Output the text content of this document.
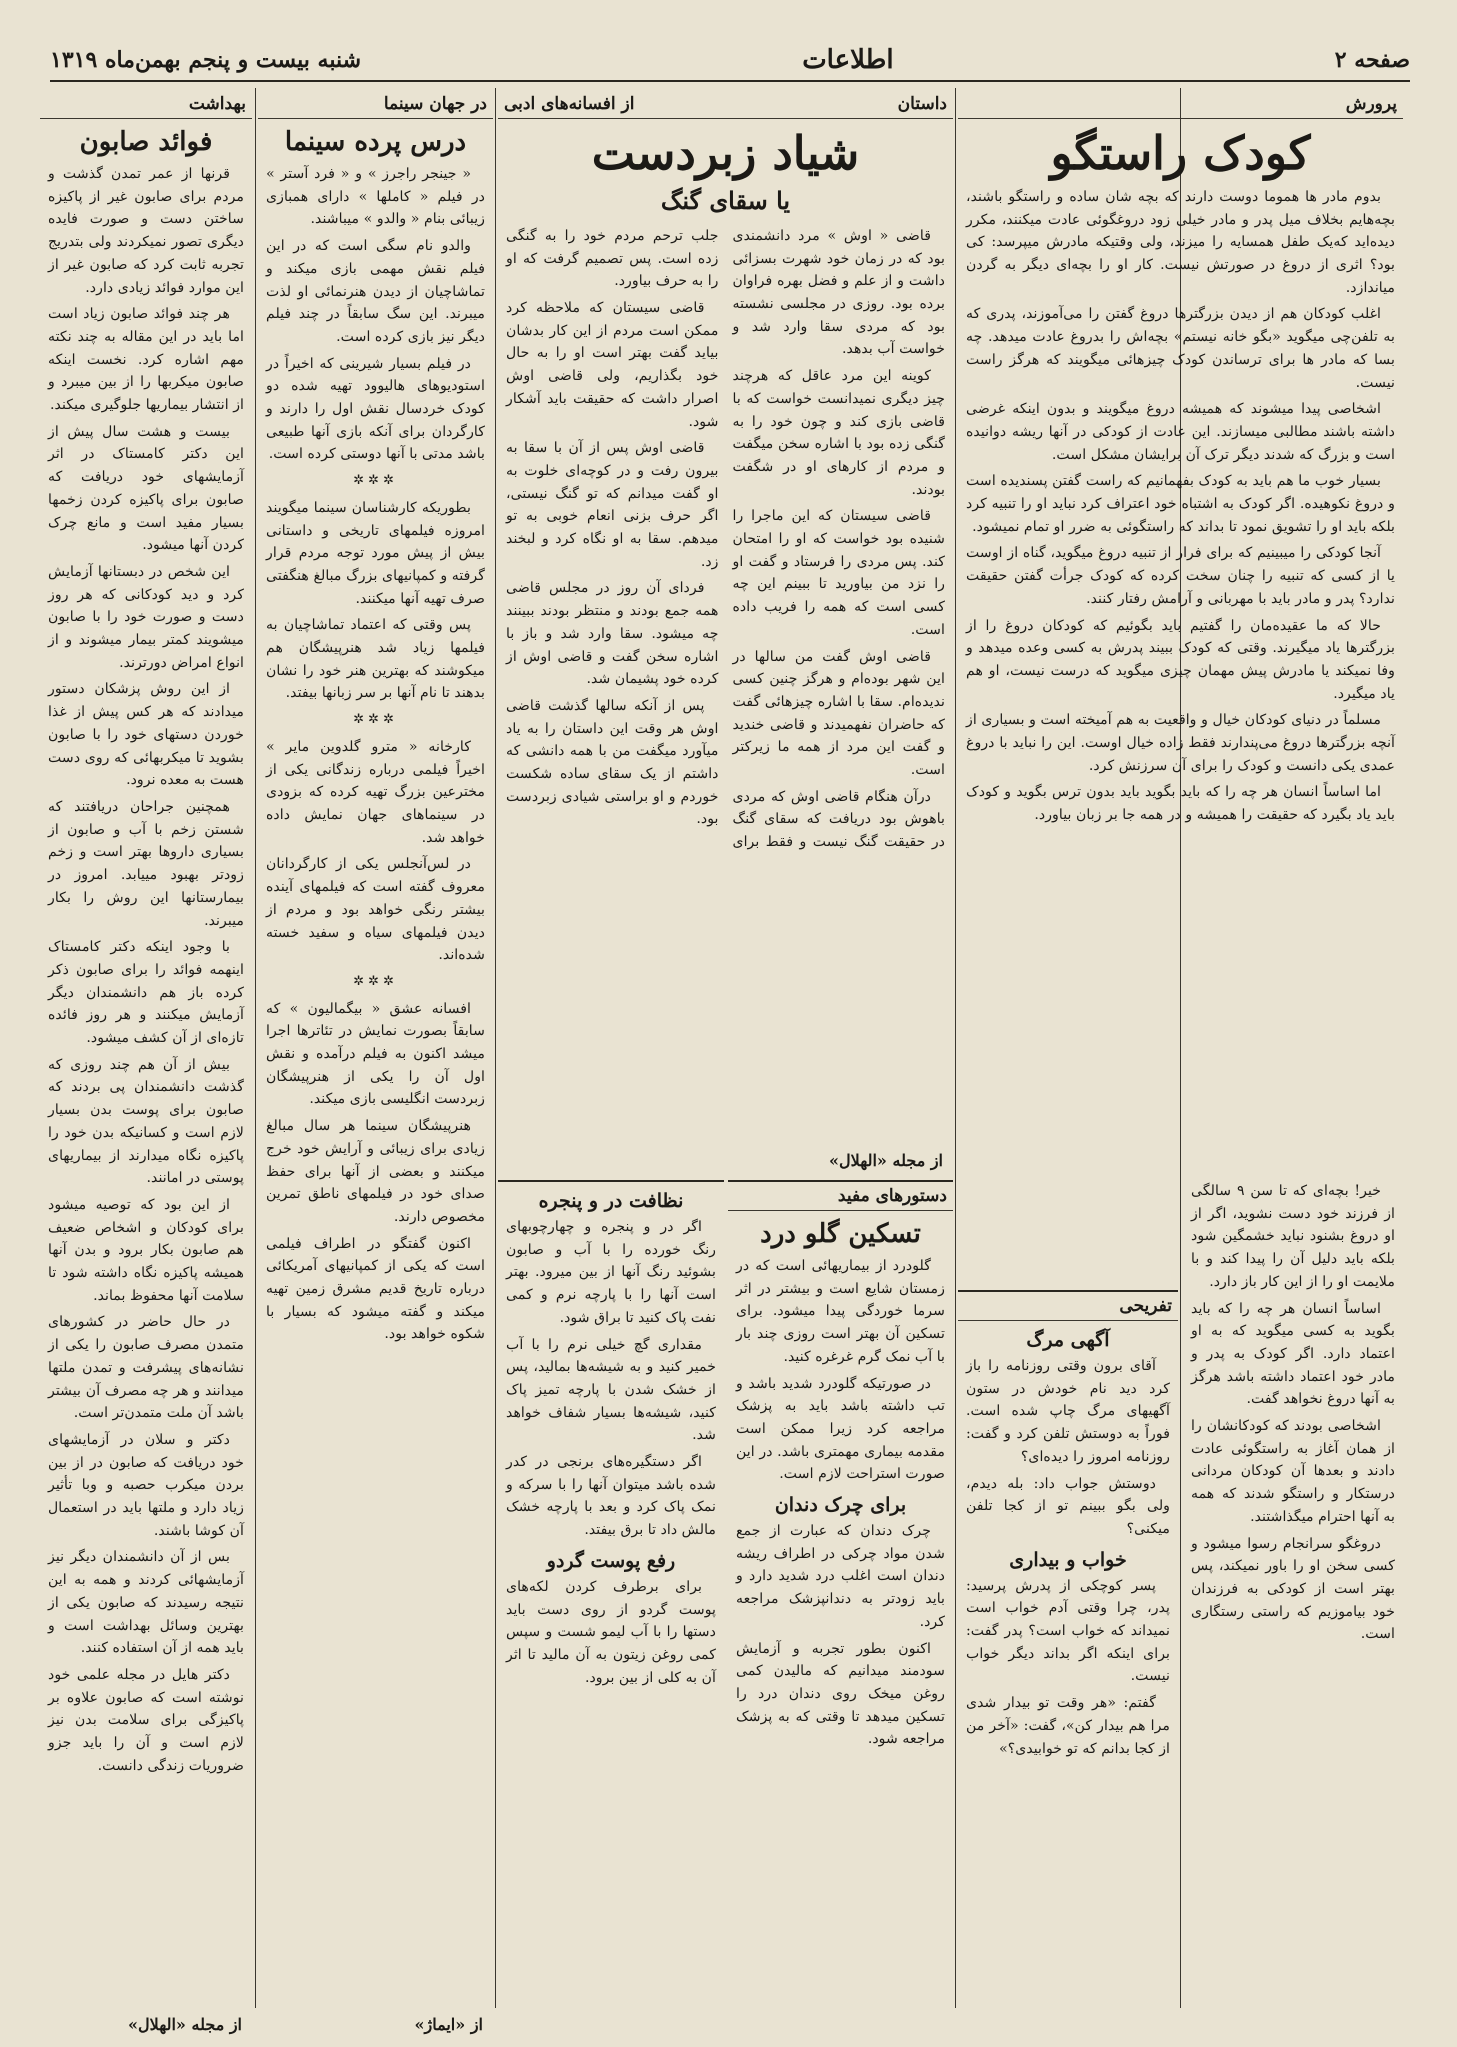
صفحه ۲
اطلاعات
شنبه بیست و پنجم بهمن‌ماه ۱۳۱۹
پرورش
کودک راستگو

بدوم مادر ها هموما دوست دارند که بچه شان ساده و راستگو باشند، بچه‌هایم بخلاف میل پدر و مادر خیلی زود دروغگوئی عادت میکنند، مکرر دیده‌اید که‌یک طفل همسایه را میزند، ولی وقتیکه مادرش میپرسد: کی بود؟ اثری از دروغ در صورتش نیست. کار او را بچه‌ای دیگر به گردن میاندازد.

اغلب کودکان هم از دیدن بزرگترها دروغ گفتن را می‌آموزند، پدری که به تلفن‌چی میگوید «بگو خانه نیستم» بچه‌اش را بدروغ عادت میدهد. چه بسا که مادر ها برای ترساندن کودک چیزهائی میگویند که هرگز راست نیست.

اشخاصی پیدا میشوند که همیشه دروغ میگویند و بدون اینکه غرضی داشته باشند مطالبی میسازند. این عادت از کودکی در آنها ریشه دوانیده است و بزرگ که شدند دیگر ترک آن برایشان مشکل است.

بسیار خوب ما هم باید به کودک بفهمانیم که راست گفتن پسندیده است و دروغ نکوهیده. اگر کودک به اشتباه خود اعتراف کرد نباید او را تنبیه کرد بلکه باید او را تشویق نمود تا بداند که راستگوئی به ضرر او تمام نمیشود.

آنجا کودکی را میبینیم که برای فرار از تنبیه دروغ میگوید، گناه از اوست یا از کسی که تنبیه را چنان سخت کرده که کودک جرأت گفتن حقیقت ندارد؟ پدر و مادر باید با مهربانی و آرامش رفتار کنند.

حالا که ما عقیده‌مان را گفتیم باید بگوئیم که کودکان دروغ را از بزرگترها یاد میگیرند. وقتی که کودک ببیند پدرش به کسی وعده میدهد و وفا نمیکند یا مادرش پیش مهمان چیزی میگوید که درست نیست، او هم یاد میگیرد.

مسلماً در دنیای کودکان خیال و واقعیت به هم آمیخته است و بسیاری از آنچه بزرگترها دروغ می‌پندارند فقط زاده خیال اوست. این را نباید با دروغ عمدی یکی دانست و کودک را برای آن سرزنش کرد.

اما اساساً انسان هر چه را که باید بگوید باید بدون ترس بگوید و کودک باید یاد بگیرد که حقیقت را همیشه و در همه جا بر زبان بیاورد.

خیر! بچه‌ای که تا سن ۹ سالگی از فرزند خود دست نشوید، اگر از او دروغ بشنود نباید خشمگین شود بلکه باید دلیل آن را پیدا کند و با ملایمت او را از این کار باز دارد.

اساساً انسان هر چه را که باید بگوید به کسی میگوید که به او اعتماد دارد. اگر کودک به پدر و مادر خود اعتماد داشته باشد هرگز به آنها دروغ نخواهد گفت.

اشخاصی بودند که کودکانشان را از همان آغاز به راستگوئی عادت دادند و بعدها آن کودکان مردانی درستکار و راستگو شدند که همه به آنها احترام میگذاشتند.

دروغگو سرانجام رسوا میشود و کسی سخن او را باور نمیکند، پس بهتر است از کودکی به فرزندان خود بیاموزیم که راستی رستگاری است.

تفریحی
آگهی مرگ

آقای برون وقتی روزنامه را باز کرد دید نام خودش در ستون آگهیهای مرگ چاپ شده است. فوراً به دوستش تلفن کرد و گفت: روزنامه امروز را دیده‌ای؟

دوستش جواب داد: بله دیدم، ولی بگو ببینم تو از کجا تلفن میکنی؟

خواب و بیداری

پسر کوچکی از پدرش پرسید: پدر، چرا وقتی آدم خواب است نمیداند که خواب است؟ پدر گفت: برای اینکه اگر بداند دیگر خواب نیست.

گفتم: «هر وقت تو بیدار شدی مرا هم بیدار کن»، گفت: «آخر من از کجا بدانم که تو خوابیدی؟»

داستان
از افسانه‌های ادبی
شیاد زبردست
یا سقای گنگ

قاضی « اوش » مرد دانشمندی بود که در زمان خود شهرت بسزائی داشت و از علم و فضل بهره فراوان برده بود. روزی در مجلسی نشسته بود که مردی سقا وارد شد و خواست آب بدهد.

کوینه این مرد عاقل که هرچند چیز دیگری نمیدانست خواست که با قاضی بازی کند و چون خود را به گنگی زده بود با اشاره سخن میگفت و مردم از کارهای او در شگفت بودند.

قاضی سیستان که این ماجرا را شنیده بود خواست که او را امتحان کند. پس مردی را فرستاد و گفت او را نزد من بیاورید تا ببینم این چه کسی است که همه را فریب داده است.

قاضی اوش گفت من سالها در این شهر بوده‌ام و هرگز چنین کسی ندیده‌ام. سقا با اشاره چیزهائی گفت که حاضران نفهمیدند و قاضی خندید و گفت این مرد از همه ما زیرکتر است.

درآن هنگام قاضی اوش که مردی باهوش بود دریافت که سقای گنگ در حقیقت گنگ نیست و فقط برای جلب ترحم مردم خود را به گنگی زده است. پس تصمیم گرفت که او را به حرف بیاورد.

قاضی سیستان که ملاحظه کرد ممکن است مردم از این کار بدشان بیاید گفت بهتر است او را به حال خود بگذاریم، ولی قاضی اوش اصرار داشت که حقیقت باید آشکار شود.

قاضی اوش پس از آن با سقا به بیرون رفت و در کوچه‌ای خلوت به او گفت میدانم که تو گنگ نیستی، اگر حرف بزنی انعام خوبی به تو میدهم. سقا به او نگاه کرد و لبخند زد.

فردای آن روز در مجلس قاضی همه جمع بودند و منتظر بودند ببینند چه میشود. سقا وارد شد و باز با اشاره سخن گفت و قاضی اوش از کرده خود پشیمان شد.

پس از آنکه سالها گذشت قاضی اوش هر وقت این داستان را به یاد میآورد میگفت من با همه دانشی که داشتم از یک سقای ساده شکست خوردم و او براستی شیادی زبردست بود.

دستورهای مفید
تسکین گلو درد

گلودرد از بیماریهائی است که در زمستان شایع است و بیشتر در اثر سرما خوردگی پیدا میشود. برای تسکین آن بهتر است روزی چند بار با آب نمک گرم غرغره کنید.

در صورتیکه گلودرد شدید باشد و تب داشته باشد باید به پزشک مراجعه کرد زیرا ممکن است مقدمه بیماری مهمتری باشد. در این صورت استراحت لازم است.

برای چرک دندان

چرک دندان که عبارت از جمع شدن مواد چرکی در اطراف ریشه دندان است اغلب درد شدید دارد و باید زودتر به دندانپزشک مراجعه کرد.

اکنون بطور تجربه و آزمایش سودمند میدانیم که مالیدن کمی روغن میخک روی دندان درد را تسکین میدهد تا وقتی که به پزشک مراجعه شود.

نظافت در و پنجره

اگر در و پنجره و چهارچوبهای رنگ خورده را با آب و صابون بشوئید رنگ آنها از بین میرود. بهتر است آنها را با پارچه نرم و کمی نفت پاک کنید تا براق شود.

مقداری گچ خیلی نرم را با آب خمیر کنید و به شیشه‌ها بمالید، پس از خشک شدن با پارچه تمیز پاک کنید، شیشه‌ها بسیار شفاف خواهد شد.

اگر دستگیره‌های برنجی در کدر شده باشد میتوان آنها را با سرکه و نمک پاک کرد و بعد با پارچه خشک مالش داد تا برق بیفتد.

رفع پوست گردو

برای برطرف کردن لکه‌های پوست گردو از روی دست باید دستها را با آب لیمو شست و سپس کمی روغن زیتون به آن مالید تا اثر آن به کلی از بین برود.

از مجله «الهلال»
در جهان سینما
درس پرده سینما

« جینجر راجرز » و « فرد آستر » در فیلم « کاملها » دارای همبازی زیبائی بنام « والدو » میباشند.

والدو نام سگی است که در این فیلم نقش مهمی بازی میکند و تماشاچیان از دیدن هنرنمائی او لذت میبرند. این سگ سابقاً در چند فیلم دیگر نیز بازی کرده است.

در فیلم بسیار شیرینی که اخیراً در استودیوهای هالیوود تهیه شده دو کودک خردسال نقش اول را دارند و کارگردان برای آنکه بازی آنها طبیعی باشد مدتی با آنها دوستی کرده است.

✲✲✲

بطوریکه کارشناسان سینما میگویند امروزه فیلمهای تاریخی و داستانی بیش از پیش مورد توجه مردم قرار گرفته و کمپانیهای بزرگ مبالغ هنگفتی صرف تهیه آنها میکنند.

پس وقتی که اعتماد تماشاچیان به فیلمها زیاد شد هنرپیشگان هم میکوشند که بهترین هنر خود را نشان بدهند تا نام آنها بر سر زبانها بیفتد.

✲✲✲

کارخانه « مترو گلدوین مایر » اخیراً فیلمی درباره زندگانی یکی از مخترعین بزرگ تهیه کرده که بزودی در سینماهای جهان نمایش داده خواهد شد.

در لس‌آنجلس یکی از کارگردانان معروف گفته است که فیلمهای آینده بیشتر رنگی خواهد بود و مردم از دیدن فیلمهای سیاه و سفید خسته شده‌اند.

✲✲✲

افسانه عشق « بیگمالیون » که سابقاً بصورت نمایش در تئاترها اجرا میشد اکنون به فیلم درآمده و نقش اول آن را یکی از هنرپیشگان زبردست انگلیسی بازی میکند.

هنرپیشگان سینما هر سال مبالغ زیادی برای زیبائی و آرایش خود خرج میکنند و بعضی از آنها برای حفظ صدای خود در فیلمهای ناطق تمرین مخصوص دارند.

اکنون گفتگو در اطراف فیلمی است که یکی از کمپانیهای آمریکائی درباره تاریخ قدیم مشرق زمین تهیه میکند و گفته میشود که بسیار با شکوه خواهد بود.

از «ایماژ»
بهداشت
فوائد صابون

قرنها از عمر تمدن گذشت و مردم برای صابون غیر از پاکیزه ساختن دست و صورت فایده دیگری تصور نمیکردند ولی بتدریج تجربه ثابت کرد که صابون غیر از این موارد فوائد زیادی دارد.

هر چند فوائد صابون زیاد است اما باید در این مقاله به چند نکته مهم اشاره کرد. نخست اینکه صابون میکربها را از بین میبرد و از انتشار بیماریها جلوگیری میکند.

بیست و هشت سال پیش از این دکتر کامستاک در اثر آزمایشهای خود دریافت که صابون برای پاکیزه کردن زخمها بسیار مفید است و مانع چرک کردن آنها میشود.

این شخص در دبستانها آزمایش کرد و دید کودکانی که هر روز دست و صورت خود را با صابون میشویند کمتر بیمار میشوند و از انواع امراض دورترند.

از این روش پزشکان دستور میدادند که هر کس پیش از غذا خوردن دستهای خود را با صابون بشوید تا میکربهائی که روی دست هست به معده نرود.

همچنین جراحان دریافتند که شستن زخم با آب و صابون از بسیاری داروها بهتر است و زخم زودتر بهبود مییابد. امروز در بیمارستانها این روش را بکار میبرند.

با وجود اینکه دکتر کامستاک اینهمه فوائد را برای صابون ذکر کرده باز هم دانشمندان دیگر آزمایش میکنند و هر روز فائده تازه‌ای از آن کشف میشود.

بیش از آن هم چند روزی که گذشت دانشمندان پی بردند که صابون برای پوست بدن بسیار لازم است و کسانیکه بدن خود را پاکیزه نگاه میدارند از بیماریهای پوستی در امانند.

از این بود که توصیه میشود برای کودکان و اشخاص ضعیف هم صابون بکار برود و بدن آنها همیشه پاکیزه نگاه داشته شود تا سلامت آنها محفوظ بماند.

در حال حاضر در کشورهای متمدن مصرف صابون را یکی از نشانه‌های پیشرفت و تمدن ملتها میدانند و هر چه مصرف آن بیشتر باشد آن ملت متمدن‌تر است.

دکتر و سلان در آزمایشهای خود دریافت که صابون در از بین بردن میکرب حصبه و وبا تأثیر زیاد دارد و ملتها باید در استعمال آن کوشا باشند.

بس از آن دانشمندان دیگر نیز آزمایشهائی کردند و همه به این نتیجه رسیدند که صابون یکی از بهترین وسائل بهداشت است و باید همه از آن استفاده کنند.

دکتر هایل در مجله علمی خود نوشته است که صابون علاوه بر پاکیزگی برای سلامت بدن نیز لازم است و آن را باید جزو ضروریات زندگی دانست.

از مجله «الهلال»
